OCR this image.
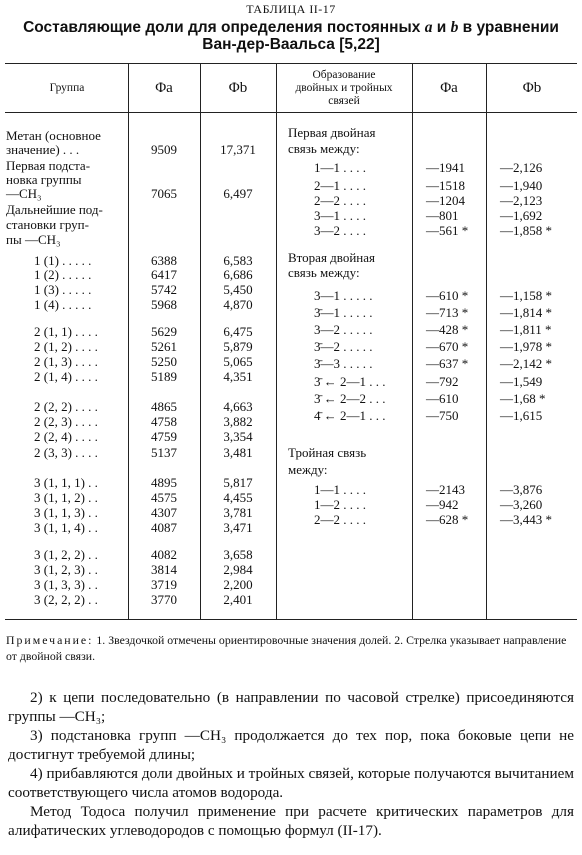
ТАБЛИЦА II-17
Составляющие доли для определения постоянных a и b в уравнении
Ван-дер-Ваальса [5,22]
Группа	Φa	Φb
Образование
двойных и тройных
связей
Φa	Φb
Метан (основное
значение) . . .	9509	17,371
Первая подста-
новка группы
—CH₃	7065	6,497
Дальнейшие под-
становки груп-
пы —CH₃
1 (1) . . . . .	6388	6,583
1 (2) . . . . .	6417	6,686
1 (3) . . . . .	5742	5,450
1 (4) . . . . .	5968	4,870
2 (1, 1) . . . .	5629	6,475
2 (1, 2) . . . .	5261	5,879
2 (1, 3) . . . .	5250	5,065
2 (1, 4) . . . .	5189	4,351
2 (2, 2) . . . .	4865	4,663
2 (2, 3) . . . .	4758	3,882
2 (2, 4) . . . .	4759	3,354
2 (3, 3) . . . .	5137	3,481
3 (1, 1, 1) . .	4895	5,817
3 (1, 1, 2) . .	4575	4,455
3 (1, 1, 3) . .	4307	3,781
3 (1, 1, 4) . .	4087	3,471
3 (1, 2, 2) . .	4082	3,658
3 (1, 2, 3) . .	3814	2,984
3 (1, 3, 3) . .	3719	2,200
3 (2, 2, 2) . .	3770	2,401
Первая двойная
связь между:
1—1 . . . .	—1941	—2,126
2—1 . . . .	—1518	—1,940
2—2 . . . .	—1204	—2,123
3—1 . . . .	—801	—1,692
3—2 . . . .	—561 *	—1,858 *
Вторая двойная
связь между:
3—1 . . . . .	—610 *	—1,158 *
3̄—1 . . . . .	—713 *	—1,814 *
3—2 . . . . .	—428 *	—1,811 *
3̄—2 . . . . .	—670 *	—1,978 *
3̄—3 . . . . .	—637 *	—2,142 *
3̄ ← 2—1 . . .	—792	—1,549
3̄ ← 2—2 . . .	—610	—1,68 *
4̄ ← 2—1 . . .	—750	—1,615
Тройная связь
между:
1—1 . . . .	—2143	—3,876
1—2 . . . .	—942	—3,260
2—2 . . . .	—628 *	—3,443 *
Примечание: 1. Звездочкой отмечены ориентировочные значения долей. 2. Стрелка указывает направление от двойной связи.

2) к цепи последовательно (в направлении по часовой стрелке) присоединяются группы —CH₃;

3) подстановка групп —CH₃ продолжается до тех пор, пока боковые цепи не достигнут требуемой длины;

4) прибавляются доли двойных и тройных связей, которые получаются вычитанием соответствующего числа атомов водорода.

Метод Тодоса получил применение при расчете критических параметров для алифатических углеводородов с помощью формул (II-17).
